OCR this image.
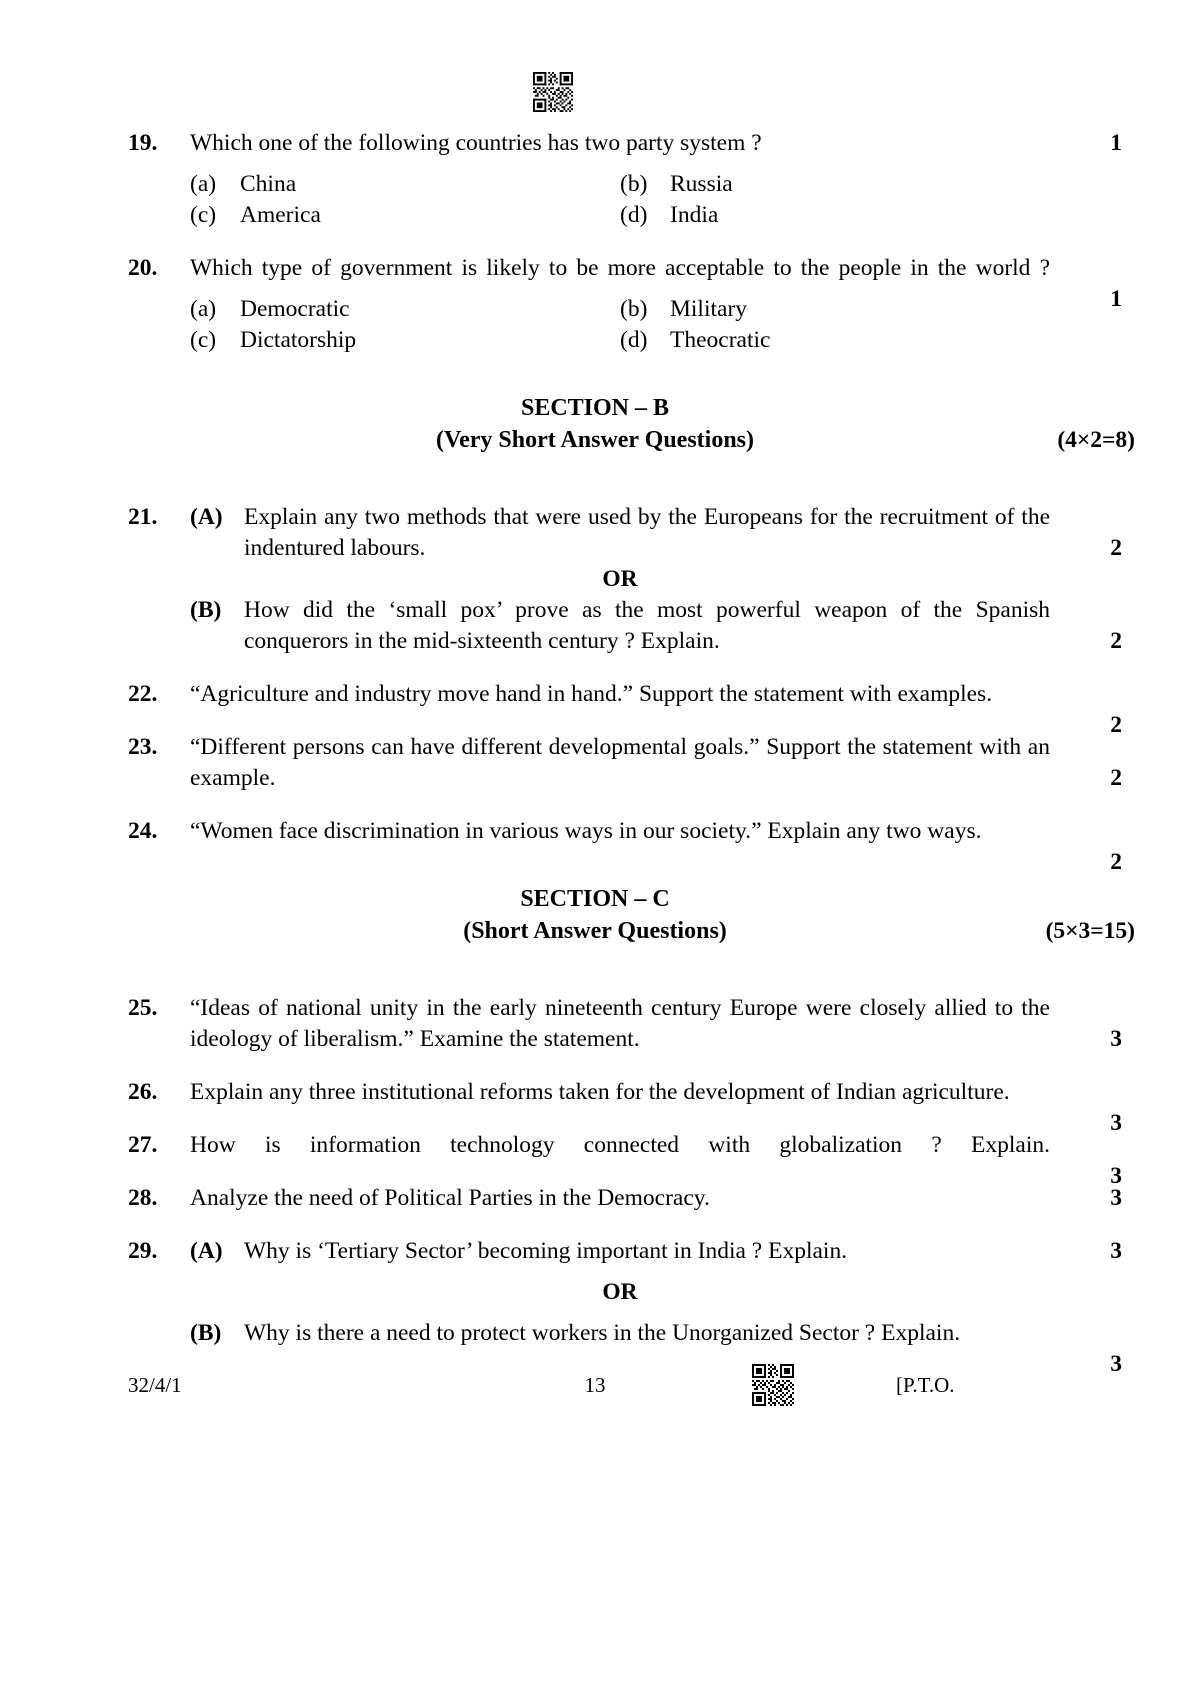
19.	Which one of the following countries has two party system ?	1
(a)	China	(b) Russia
(c)	America	(d) India
20.	Which type of government is likely to be more acceptable to the people in the world ?
1
(a)	Democratic	(b) Military
(c)	Dictatorship	(d) Theocratic
SECTION – B
(Very Short Answer Questions)	(4×2=8)
21.	(A) Explain any two methods that were used by the Europeans for the recruitment of the indentured labours.	2
OR
(B) How did the ‘small pox’ prove as the most powerful weapon of the Spanish conquerors in the mid-sixteenth century ? Explain.	2
22.	“Agriculture and industry move hand in hand.” Support the statement with examples.
2
23.	“Different persons can have different developmental goals.” Support the statement with an example.	2
24.	“Women face discrimination in various ways in our society.” Explain any two ways.
2
SECTION – C
(Short Answer Questions)	(5×3=15)
25.	“Ideas of national unity in the early nineteenth century Europe were closely allied to the ideology of liberalism.” Examine the statement.	3
26.	Explain any three institutional reforms taken for the development of Indian agriculture.
3
27.	How is information technology connected with globalization ? Explain.
3
28.	Analyze the need of Political Parties in the Democracy.	3
29.	(A) Why is ‘Tertiary Sector’ becoming important in India ? Explain.	3
OR
(B) Why is there a need to protect workers in the Unorganized Sector ? Explain.
3
32/4/1	13	[P.T.O.
